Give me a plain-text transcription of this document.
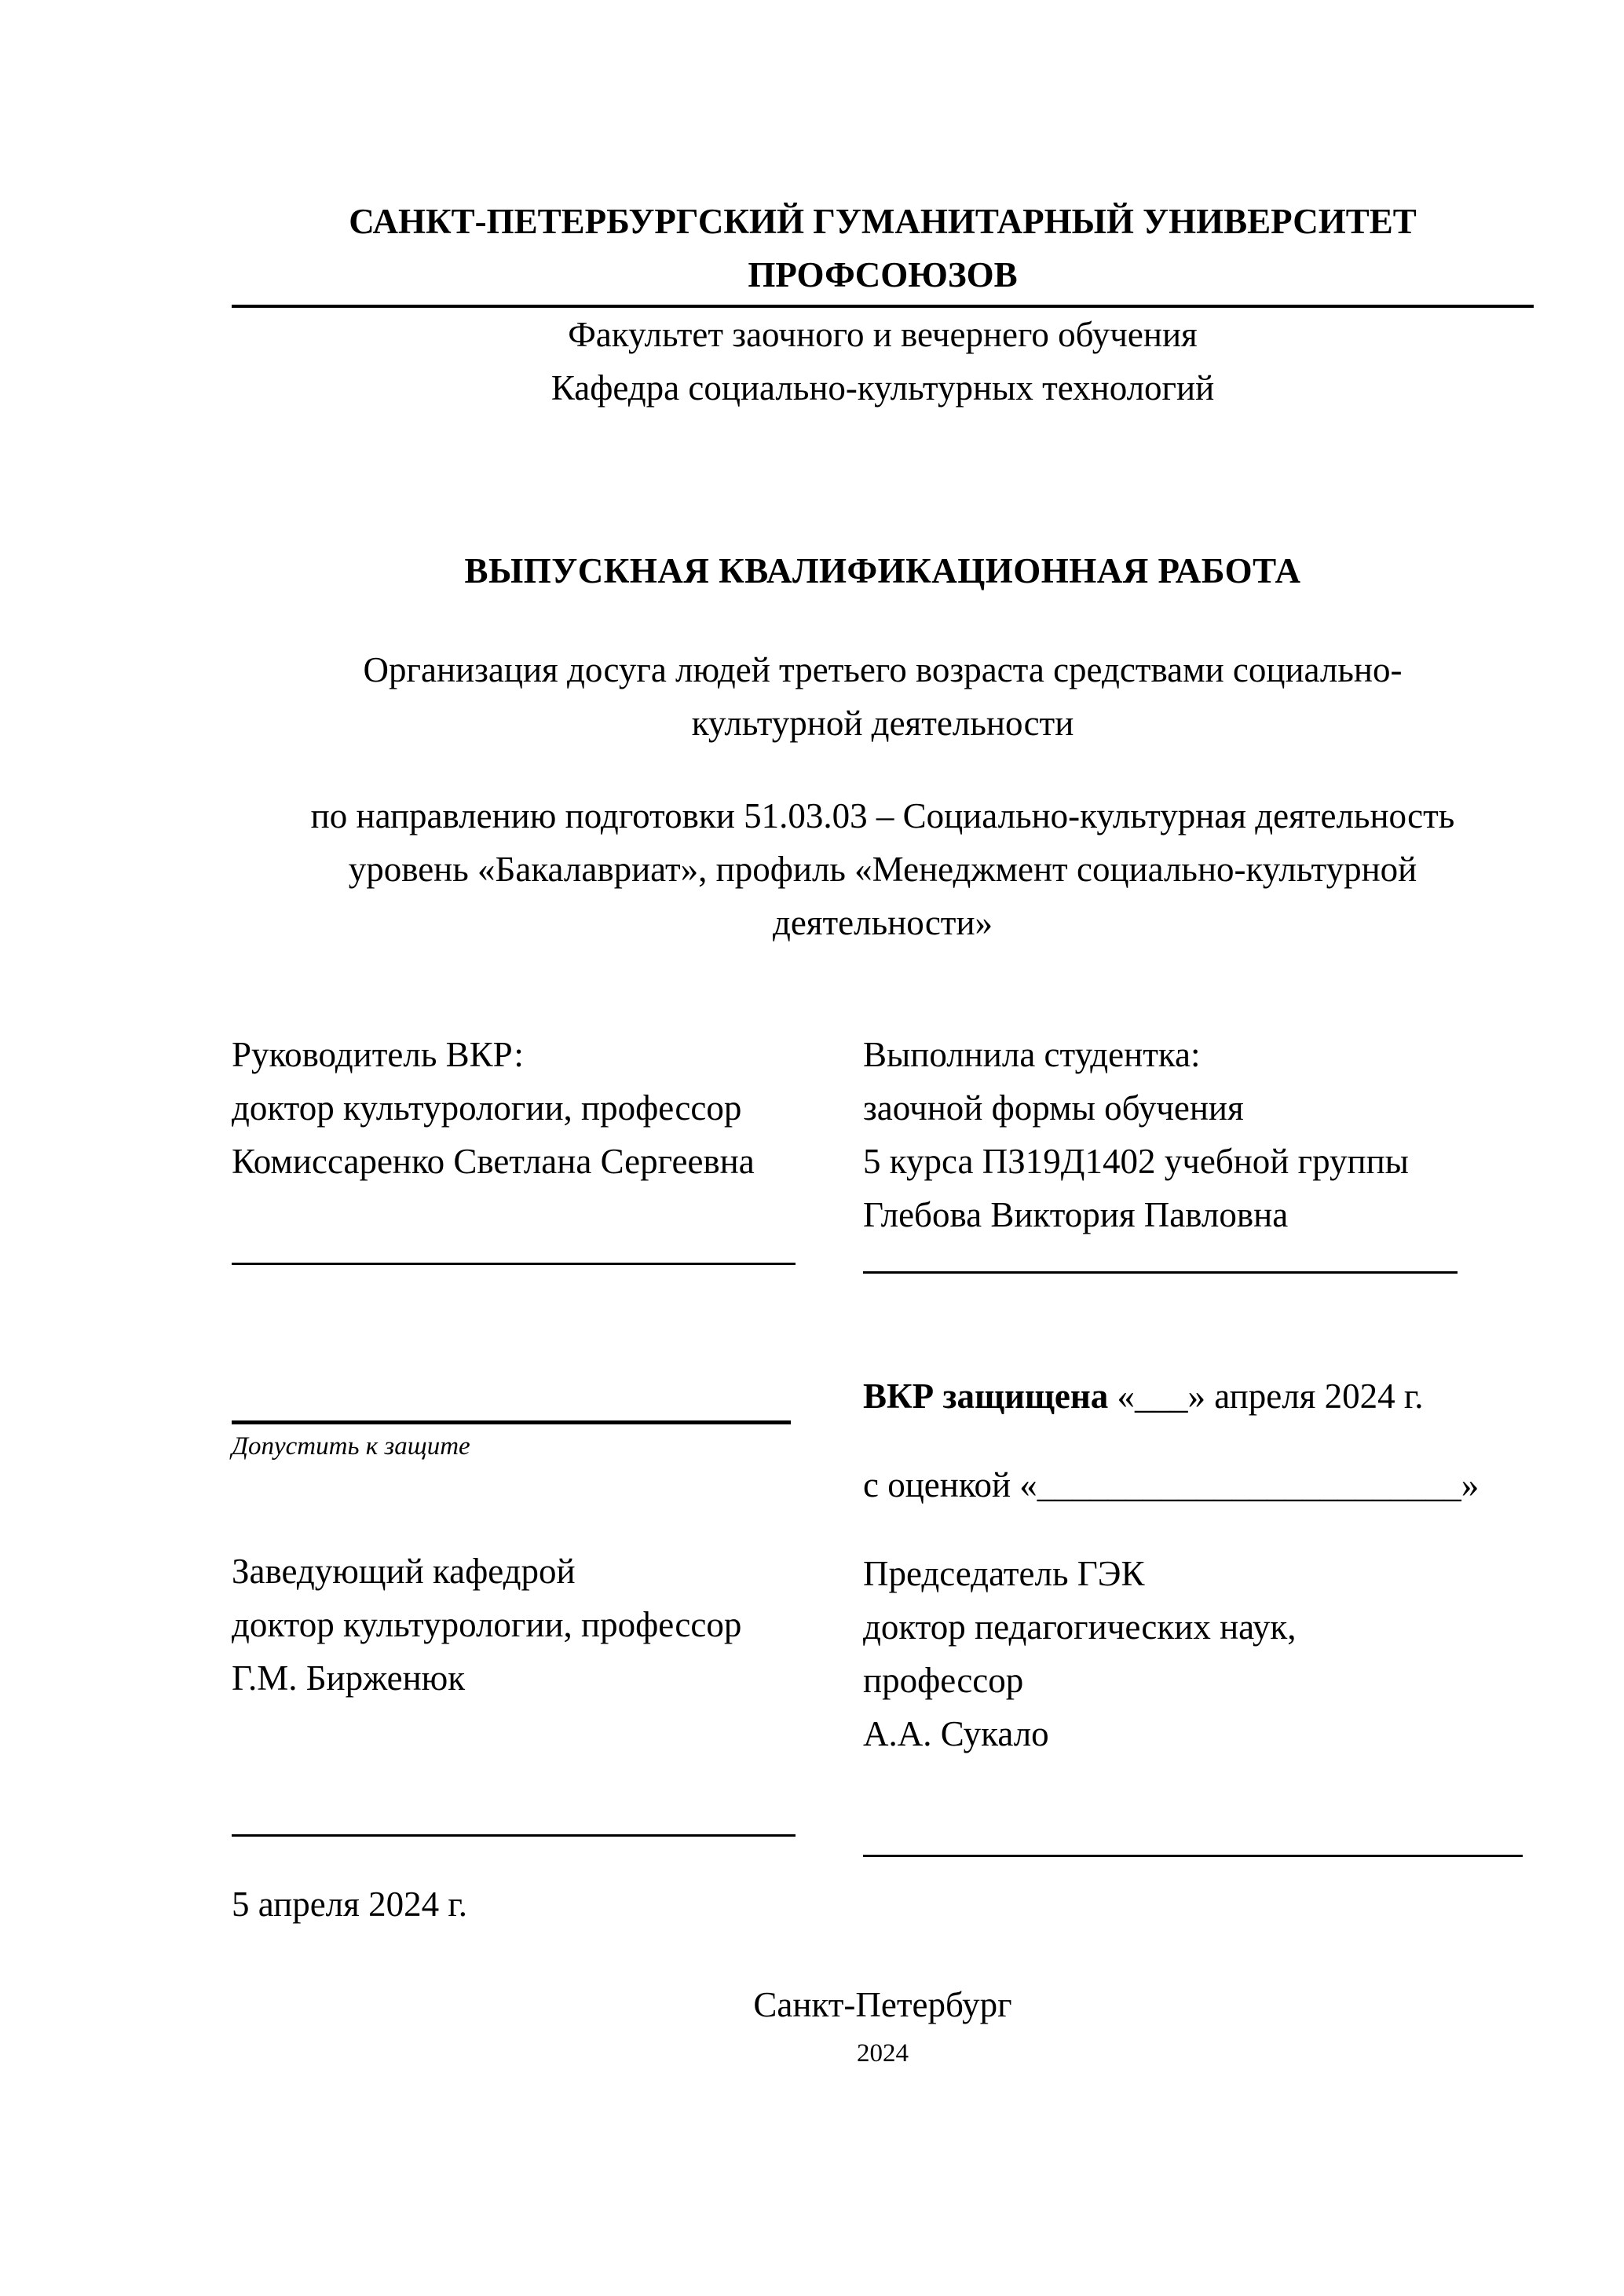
САНКТ-ПЕТЕРБУРГСКИЙ ГУМАНИТАРНЫЙ УНИВЕРСИТЕТ
ПРОФСОЮЗОВ
Факультет заочного и вечернего обучения
Кафедра социально-культурных технологий
ВЫПУСКНАЯ КВАЛИФИКАЦИОННАЯ РАБОТА
Организация досуга людей третьего возраста средствами социально-
культурной деятельности
по направлению подготовки 51.03.03 – Социально-культурная деятельность
уровень «Бакалавриат», профиль «Менеджмент социально-культурной
деятельности»
Руководитель ВКР:
доктор культурологии, профессор
Комиссаренко Светлана Сергеевна
Допустить к защите
Заведующий кафедрой
доктор культурологии, профессор
Г.М. Бирженюк
5 апреля 2024 г.
Выполнила студентка:
заочной формы обучения
5 курса ПЗ19Д1402 учебной группы
Глебова Виктория Павловна
ВКР защищена «___» апреля 2024 г.
с оценкой «________________________»
Председатель ГЭК
доктор педагогических наук,
профессор
А.А. Сукало
Санкт-Петербург
2024
